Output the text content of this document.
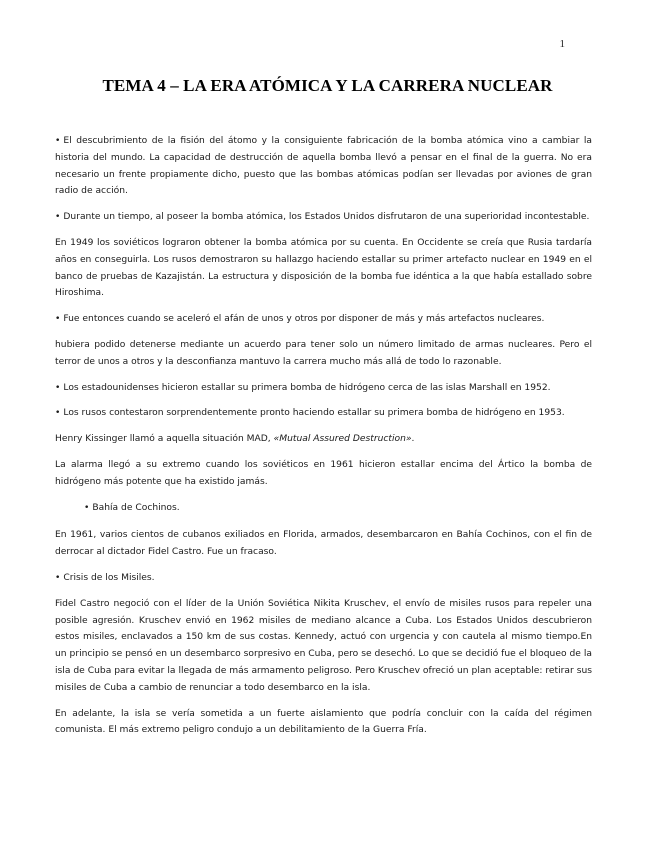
1
TEMA 4 – LA ERA ATÓMICA Y LA CARRERA NUCLEAR

• El descubrimiento de la fisión del átomo y la consiguiente fabricación de la bomba atómica vino a cambiar la historia del mundo. La capacidad de destrucción de aquella bomba llevó a pensar en el final de la guerra. No era necesario un frente propiamente dicho, puesto que las bombas atómicas podían ser llevadas por aviones de gran radio de acción.

• Durante un tiempo, al poseer la bomba atómica, los Estados Unidos disfrutaron de una superioridad incontestable.

En 1949 los soviéticos lograron obtener la bomba atómica por su cuenta. En Occidente se creía que Rusia tardaría años en conseguirla. Los rusos demostraron su hallazgo haciendo estallar su primer artefacto nuclear en 1949 en el banco de pruebas de Kazajistán. La estructura y disposición de la bomba fue idéntica a la que había estallado sobre Hiroshima.

• Fue entonces cuando se aceleró el afán de unos y otros por disponer de más y más artefactos nucleares.

hubiera podido detenerse mediante un acuerdo para tener solo un número limitado de armas nucleares. Pero el terror de unos a otros y la desconfianza mantuvo la carrera mucho más allá de todo lo razonable.

• Los estadounidenses hicieron estallar su primera bomba de hidrógeno cerca de las islas Marshall en 1952.

• Los rusos contestaron sorprendentemente pronto haciendo estallar su primera bomba de hidrógeno en 1953.

Henry Kissinger llamó a aquella situación MAD, «Mutual Assured Destruction».

La alarma llegó a su extremo cuando los soviéticos en 1961 hicieron estallar encima del Ártico la bomba de hidrógeno más potente que ha existido jamás.

• Bahía de Cochinos.

En 1961, varios cientos de cubanos exiliados en Florida, armados, desembarcaron en Bahía Cochinos, con el fin de derrocar al dictador Fidel Castro. Fue un fracaso.

• Crisis de los Misiles.

Fidel Castro negoció con el líder de la Unión Soviética Nikita Kruschev, el envío de misiles rusos para repeler una posible agresión. Kruschev envió en 1962 misiles de mediano alcance a Cuba. Los Estados Unidos descubrieron estos misiles, enclavados a 150 km de sus costas. Kennedy, actuó con urgencia y con cautela al mismo tiempo.En un principio se pensó en un desembarco sorpresivo en Cuba, pero se desechó. Lo que se decidió fue el bloqueo de la isla de Cuba para evitar la llegada de más armamento peligroso. Pero Kruschev ofreció un plan aceptable: retirar sus misiles de Cuba a cambio de renunciar a todo desembarco en la isla.

En adelante, la isla se vería sometida a un fuerte aislamiento que podría concluir con la caída del régimen comunista. El más extremo peligro condujo a un debilitamiento de la Guerra Fría.
